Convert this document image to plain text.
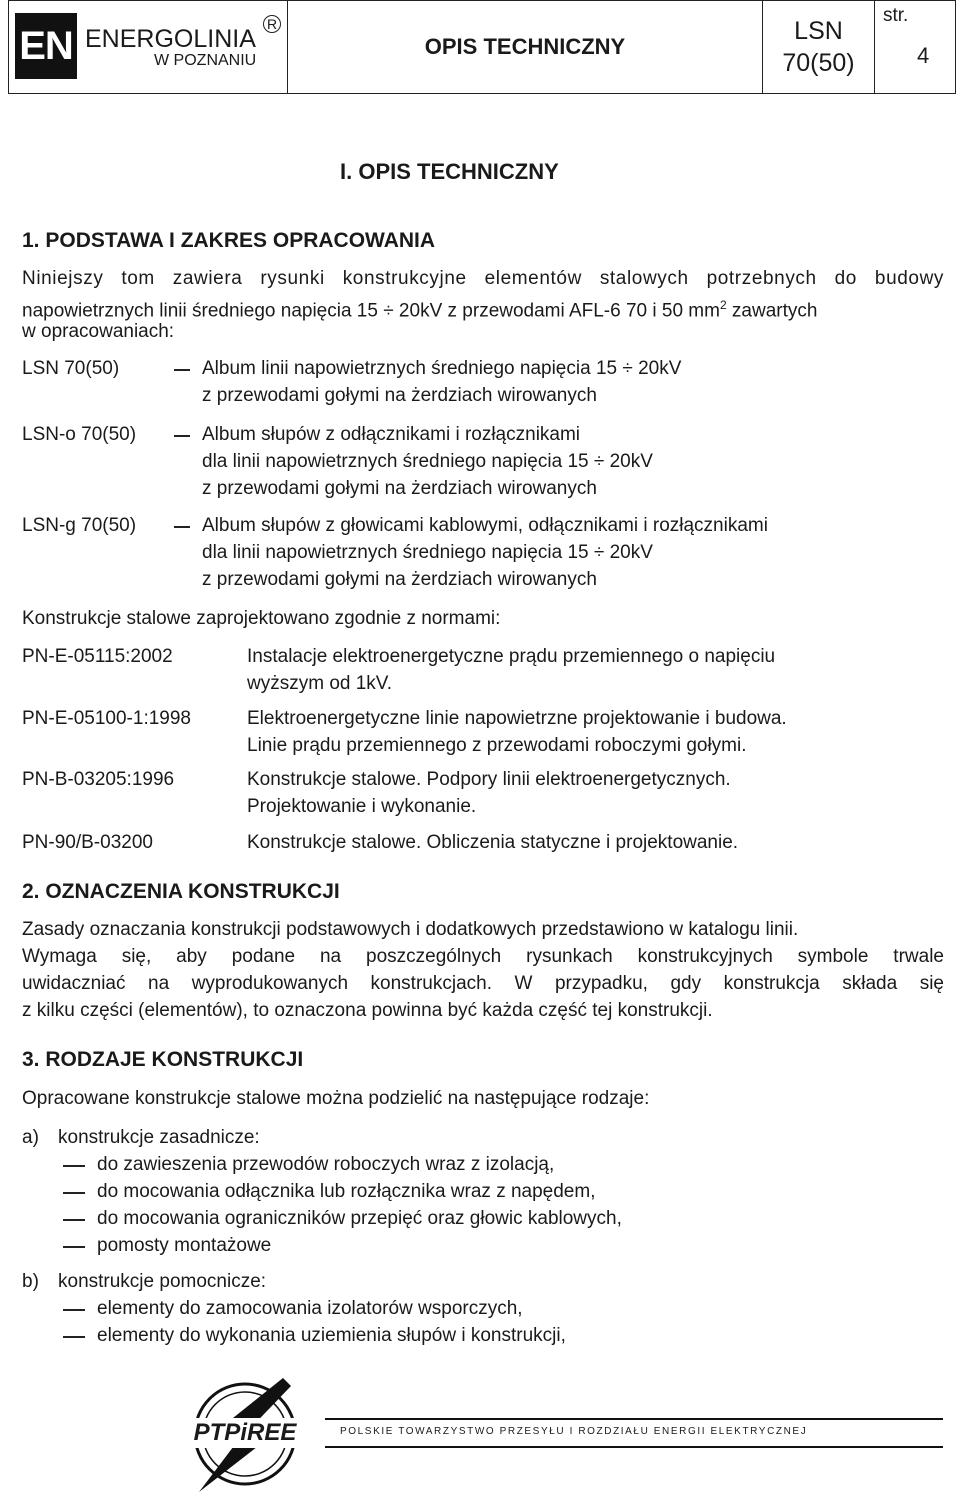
EN ENERGOLINIA
R
W POZNANIU
OPIS TECHNICZNY
LSN
70(50)
str.
4
I. OPIS TECHNICZNY
1. PODSTAWA I ZAKRES OPRACOWANIA
Niniejszy tom zawiera rysunki konstrukcyjne elementów stalowych potrzebnych do budowy
napowietrznych linii średniego napięcia 15 ÷ 20kV z przewodami AFL-6 70 i 50 $mm^2$ zawartych
w opracowaniach:
LSN 70(50)	Album linii napowietrznych średniego napięcia 15 ÷ 20kV
z przewodami gołymi na żerdziach wirowanych
LSN-o 70(50)	Album słupów z odłącznikami i rozłącznikami
dla linii napowietrznych średniego napięcia 15 ÷ 20kV
z przewodami gołymi na żerdziach wirowanych
LSN-g 70(50)	Album słupów z głowicami kablowymi, odłącznikami i rozłącznikami
dla linii napowietrznych średniego napięcia 15 ÷ 20kV
z przewodami gołymi na żerdziach wirowanych
Konstrukcje stalowe zaprojektowano zgodnie z normami:
PN-E-05115:2002	Instalacje elektroenergetyczne prądu przemiennego o napięciu
wyższym od 1kV.
PN-E-05100-1:1998	Elektroenergetyczne linie napowietrzne projektowanie i budowa.
Linie prądu przemiennego z przewodami roboczymi gołymi.
PN-B-03205:1996	Konstrukcje stalowe. Podpory linii elektroenergetycznych.
Projektowanie i wykonanie.
PN-90/B-03200	Konstrukcje stalowe. Obliczenia statyczne i projektowanie.
2. OZNACZENIA KONSTRUKCJI
Zasady oznaczania konstrukcji podstawowych i dodatkowych przedstawiono w katalogu linii.
Wymaga się, aby podane na poszczególnych rysunkach konstrukcyjnych symbole trwale
uwidaczniać na wyprodukowanych konstrukcjach. W przypadku, gdy konstrukcja składa się
z kilku części (elementów), to oznaczona powinna być każda część tej konstrukcji.
3. RODZAJE KONSTRUKCJI
Opracowane konstrukcje stalowe można podzielić na następujące rodzaje:
a) konstrukcje zasadnicze:
do zawieszenia przewodów roboczych wraz z izolacją,
do mocowania odłącznika lub rozłącznika wraz z napędem,
do mocowania ograniczników przepięć oraz głowic kablowych,
pomosty montażowe
b) konstrukcje pomocnicze:
elementy do zamocowania izolatorów wsporczych,
elementy do wykonania uziemienia słupów i konstrukcji,
PTPiREE	POLSKIE TOWARZYSTWO PRZESYŁU I ROZDZIAŁU ENERGII ELEKTRYCZNEJ
